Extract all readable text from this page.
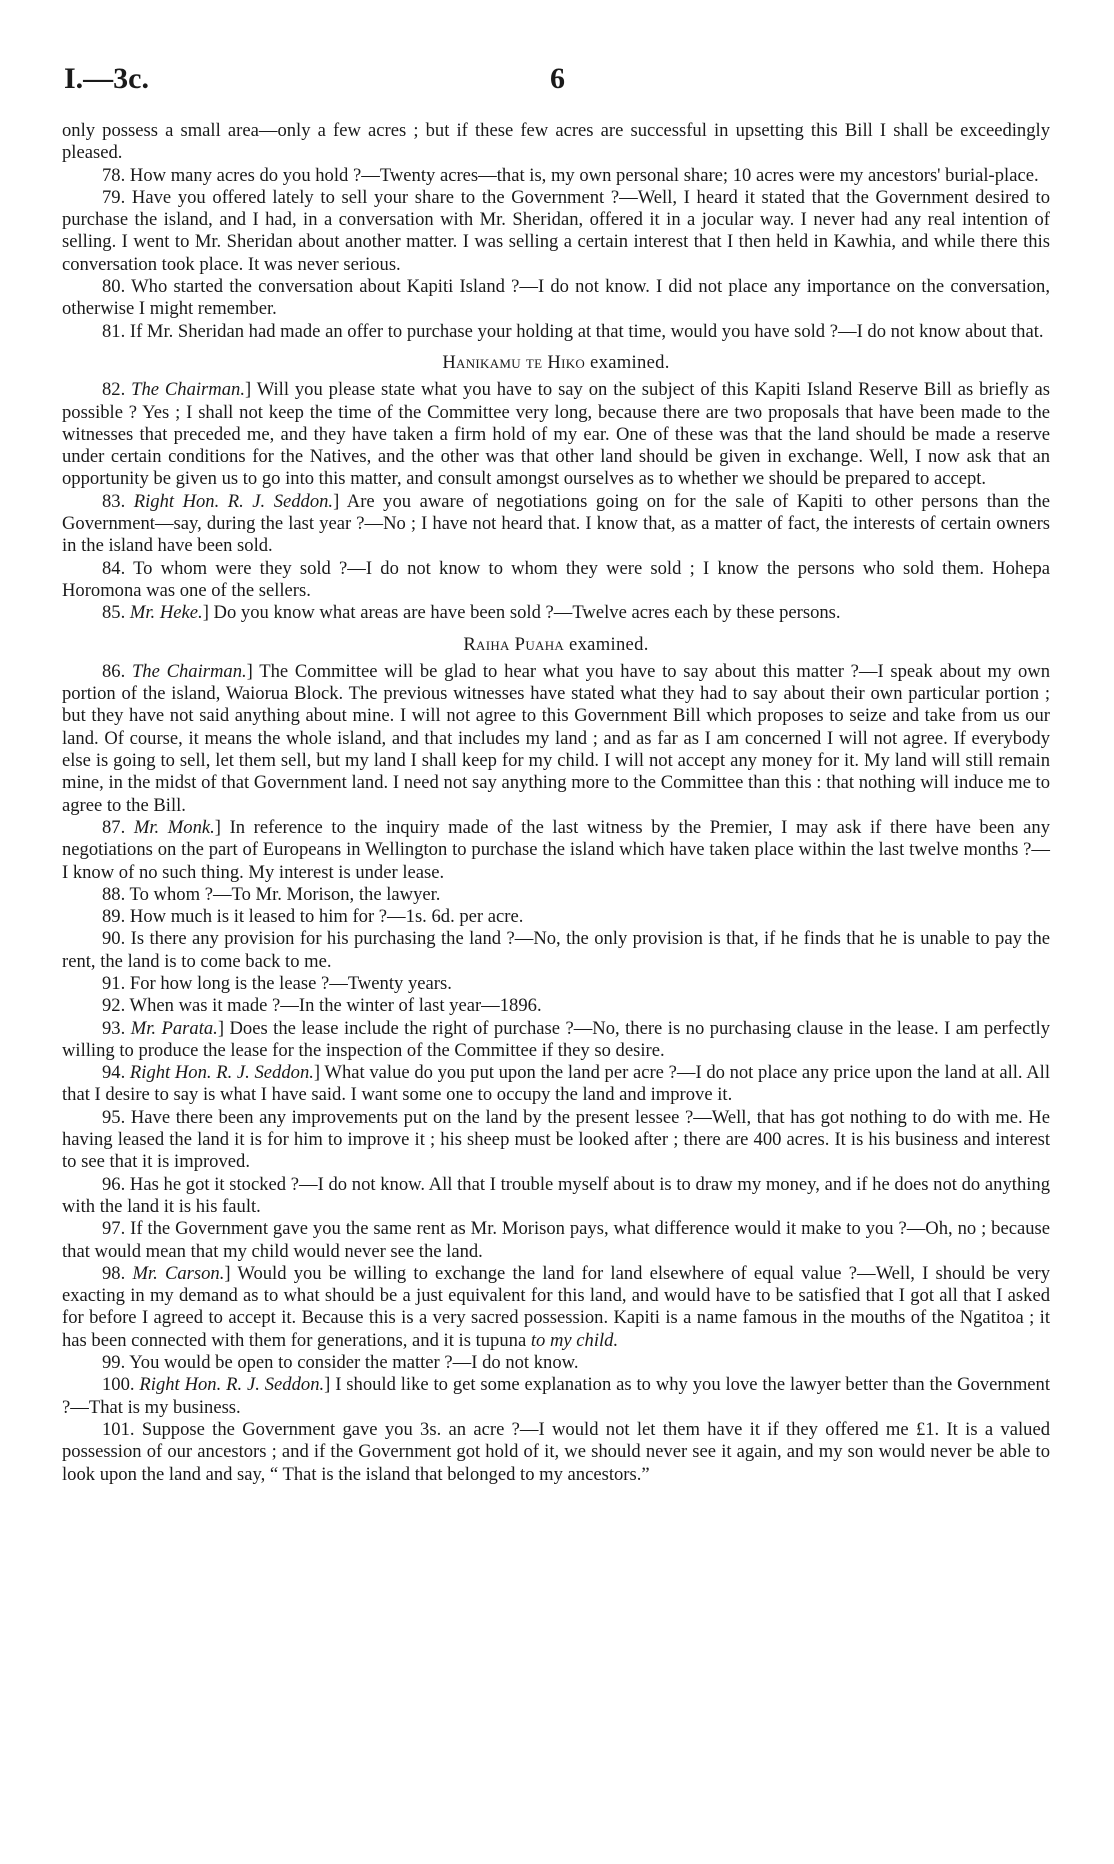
I.—3c.	6

only possess a small area—only a few acres ; but if these few acres are successful in upsetting this Bill I shall be exceedingly pleased.

78. How many acres do you hold ?—Twenty acres—that is, my own personal share; 10 acres were my ancestors' burial-place.

79. Have you offered lately to sell your share to the Government ?—Well, I heard it stated that the Government desired to purchase the island, and I had, in a conversation with Mr. Sheridan, offered it in a jocular way. I never had any real intention of selling. I went to Mr. Sheridan about another matter. I was selling a certain interest that I then held in Kawhia, and while there this conversation took place. It was never serious.

80. Who started the conversation about Kapiti Island ?—I do not know. I did not place any importance on the conversation, otherwise I might remember.

81. If Mr. Sheridan had made an offer to purchase your holding at that time, would you have sold ?—I do not know about that.

Hanikamu te Hiko examined.

82. The Chairman.] Will you please state what you have to say on the subject of this Kapiti Island Reserve Bill as briefly as possible ? Yes ; I shall not keep the time of the Committee very long, because there are two proposals that have been made to the witnesses that preceded me, and they have taken a firm hold of my ear. One of these was that the land should be made a reserve under certain conditions for the Natives, and the other was that other land should be given in exchange. Well, I now ask that an opportunity be given us to go into this matter, and consult amongst ourselves as to whether we should be prepared to accept.

83. Right Hon. R. J. Seddon.] Are you aware of negotiations going on for the sale of Kapiti to other persons than the Government—say, during the last year ?—No ; I have not heard that. I know that, as a matter of fact, the interests of certain owners in the island have been sold.

84. To whom were they sold ?—I do not know to whom they were sold ; I know the persons who sold them. Hohepa Horomona was one of the sellers.

85. Mr. Heke.] Do you know what areas are have been sold ?—Twelve acres each by these persons.

Raiha Puaha examined.

86. The Chairman.] The Committee will be glad to hear what you have to say about this matter ?—I speak about my own portion of the island, Waiorua Block. The previous witnesses have stated what they had to say about their own particular portion ; but they have not said anything about mine. I will not agree to this Government Bill which proposes to seize and take from us our land. Of course, it means the whole island, and that includes my land ; and as far as I am concerned I will not agree. If everybody else is going to sell, let them sell, but my land I shall keep for my child. I will not accept any money for it. My land will still remain mine, in the midst of that Government land. I need not say anything more to the Committee than this : that nothing will induce me to agree to the Bill.

87. Mr. Monk.] In reference to the inquiry made of the last witness by the Premier, I may ask if there have been any negotiations on the part of Europeans in Wellington to purchase the island which have taken place within the last twelve months ?—I know of no such thing. My interest is under lease.

88. To whom ?—To Mr. Morison, the lawyer.

89. How much is it leased to him for ?—1s. 6d. per acre.

90. Is there any provision for his purchasing the land ?—No, the only provision is that, if he finds that he is unable to pay the rent, the land is to come back to me.

91. For how long is the lease ?—Twenty years.

92. When was it made ?—In the winter of last year—1896.

93. Mr. Parata.] Does the lease include the right of purchase ?—No, there is no purchasing clause in the lease. I am perfectly willing to produce the lease for the inspection of the Committee if they so desire.

94. Right Hon. R. J. Seddon.] What value do you put upon the land per acre ?—I do not place any price upon the land at all. All that I desire to say is what I have said. I want some one to occupy the land and improve it.

95. Have there been any improvements put on the land by the present lessee ?—Well, that has got nothing to do with me. He having leased the land it is for him to improve it ; his sheep must be looked after ; there are 400 acres. It is his business and interest to see that it is improved.

96. Has he got it stocked ?—I do not know. All that I trouble myself about is to draw my money, and if he does not do anything with the land it is his fault.

97. If the Government gave you the same rent as Mr. Morison pays, what difference would it make to you ?—Oh, no ; because that would mean that my child would never see the land.

98. Mr. Carson.] Would you be willing to exchange the land for land elsewhere of equal value ?—Well, I should be very exacting in my demand as to what should be a just equivalent for this land, and would have to be satisfied that I got all that I asked for before I agreed to accept it. Because this is a very sacred possession. Kapiti is a name famous in the mouths of the Ngatitoa ; it has been connected with them for generations, and it is tupuna to my child.

99. You would be open to consider the matter ?—I do not know.

100. Right Hon. R. J. Seddon.] I should like to get some explanation as to why you love the lawyer better than the Government ?—That is my business.

101. Suppose the Government gave you 3s. an acre ?—I would not let them have it if they offered me £1. It is a valued possession of our ancestors ; and if the Government got hold of it, we should never see it again, and my son would never be able to look upon the land and say, “ That is the island that belonged to my ancestors.”
